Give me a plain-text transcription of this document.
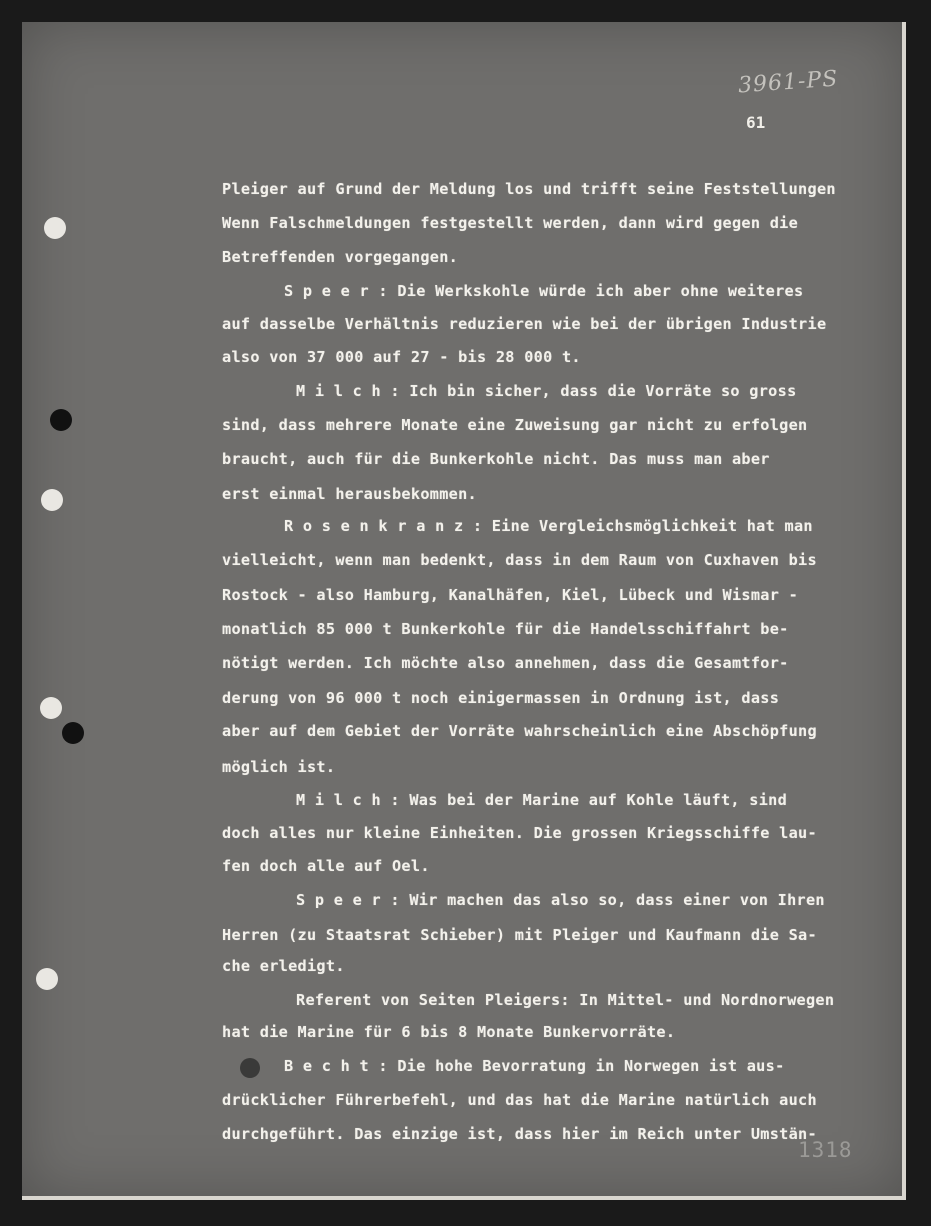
3961-PS
61
Pleiger auf Grund der Meldung los und trifft seine Feststellungen
Wenn Falschmeldungen festgestellt werden, dann wird gegen die
Betreffenden vorgegangen.
S p e e r : Die Werkskohle würde ich aber ohne weiteres
auf dasselbe Verhältnis reduzieren wie bei der übrigen Industrie
also von 37 000 auf 27 - bis 28 000 t.
M i l c h : Ich bin sicher, dass die Vorräte so gross
sind, dass mehrere Monate eine Zuweisung gar nicht zu erfolgen
braucht, auch für die Bunkerkohle nicht. Das muss man aber
erst einmal herausbekommen.
R o s e n k r a n z : Eine Vergleichsmöglichkeit hat man
vielleicht, wenn man bedenkt, dass in dem Raum von Cuxhaven bis
Rostock - also Hamburg, Kanalhäfen, Kiel, Lübeck und Wismar -
monatlich 85 000 t Bunkerkohle für die Handelsschiffahrt be-
nötigt werden. Ich möchte also annehmen, dass die Gesamtfor-
derung von 96 000 t noch einigermassen in Ordnung ist, dass
aber auf dem Gebiet der Vorräte wahrscheinlich eine Abschöpfung
möglich ist.
M i l c h : Was bei der Marine auf Kohle läuft, sind
doch alles nur kleine Einheiten. Die grossen Kriegsschiffe lau-
fen doch alle auf Oel.
S p e e r : Wir machen das also so, dass einer von Ihren
Herren (zu Staatsrat Schieber) mit Pleiger und Kaufmann die Sa-
che erledigt.
Referent von Seiten Pleigers: In Mittel- und Nordnorwegen
hat die Marine für 6 bis 8 Monate Bunkervorräte.
B e c h t : Die hohe Bevorratung in Norwegen ist aus-
drücklicher Führerbefehl, und das hat die Marine natürlich auch
durchgeführt. Das einzige ist, dass hier im Reich unter Umstän-
1318
